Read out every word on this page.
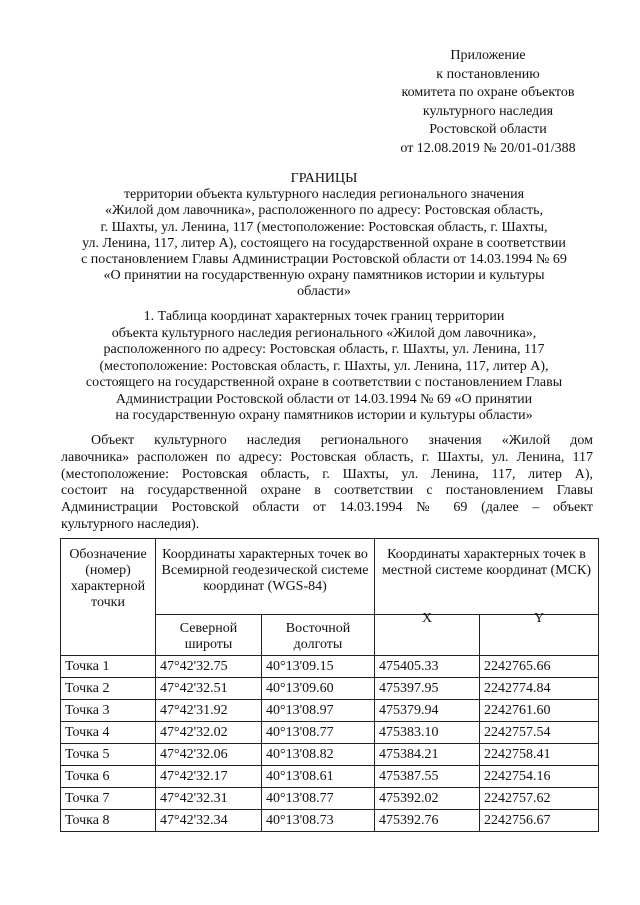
Приложение
к постановлению
комитета по охране объектов
культурного наследия
Ростовской области
от 12.08.2019 № 20/01-01/388
ГРАНИЦЫ
территории объекта культурного наследия регионального значения
«Жилой дом лавочника», расположенного по адресу: Ростовская область,
г. Шахты, ул. Ленина, 117 (местоположение: Ростовская область, г. Шахты,
ул. Ленина, 117, литер А), состоящего на государственной охране в соответствии
с постановлением Главы Администрации Ростовской области от 14.03.1994 № 69
«О принятии на государственную охрану памятников истории и культуры
области»
1. Таблица координат характерных точек границ территории
объекта культурного наследия регионального «Жилой дом лавочника»,
расположенного по адресу: Ростовская область, г. Шахты, ул. Ленина, 117
(местоположение: Ростовская область, г. Шахты, ул. Ленина, 117, литер А),
состоящего на государственной охране в соответствии с постановлением Главы
Администрации Ростовской области от 14.03.1994 № 69 «О принятии
на государственную охрану памятников истории и культуры области»
Объект культурного наследия регионального значения «Жилой дом
лавочника» расположен по адресу: Ростовская область, г. Шахты, ул. Ленина, 117
(местоположение: Ростовская область, г. Шахты, ул. Ленина, 117, литер А),
состоит на государственной охране в соответствии с постановлением Главы
Администрации Ростовской области от 14.03.1994 № 69 (далее – объект
культурного наследия).
Обозначение (номер) характерной точки	Координаты характерных точек во Всемирной геодезической системе координат (WGS-84)		Координаты характерных точек в местной системе координат (МСК)	
	Северной широты	Восточной долготы	X	Y
Точка 1	47°42'32.75	40°13'09.15	475405.33	2242765.66
Точка 2	47°42'32.51	40°13'09.60	475397.95	2242774.84
Точка 3	47°42'31.92	40°13'08.97	475379.94	2242761.60
Точка 4	47°42'32.02	40°13'08.77	475383.10	2242757.54
Точка 5	47°42'32.06	40°13'08.82	475384.21	2242758.41
Точка 6	47°42'32.17	40°13'08.61	475387.55	2242754.16
Точка 7	47°42'32.31	40°13'08.77	475392.02	2242757.62
Точка 8	47°42'32.34	40°13'08.73	475392.76	2242756.67
